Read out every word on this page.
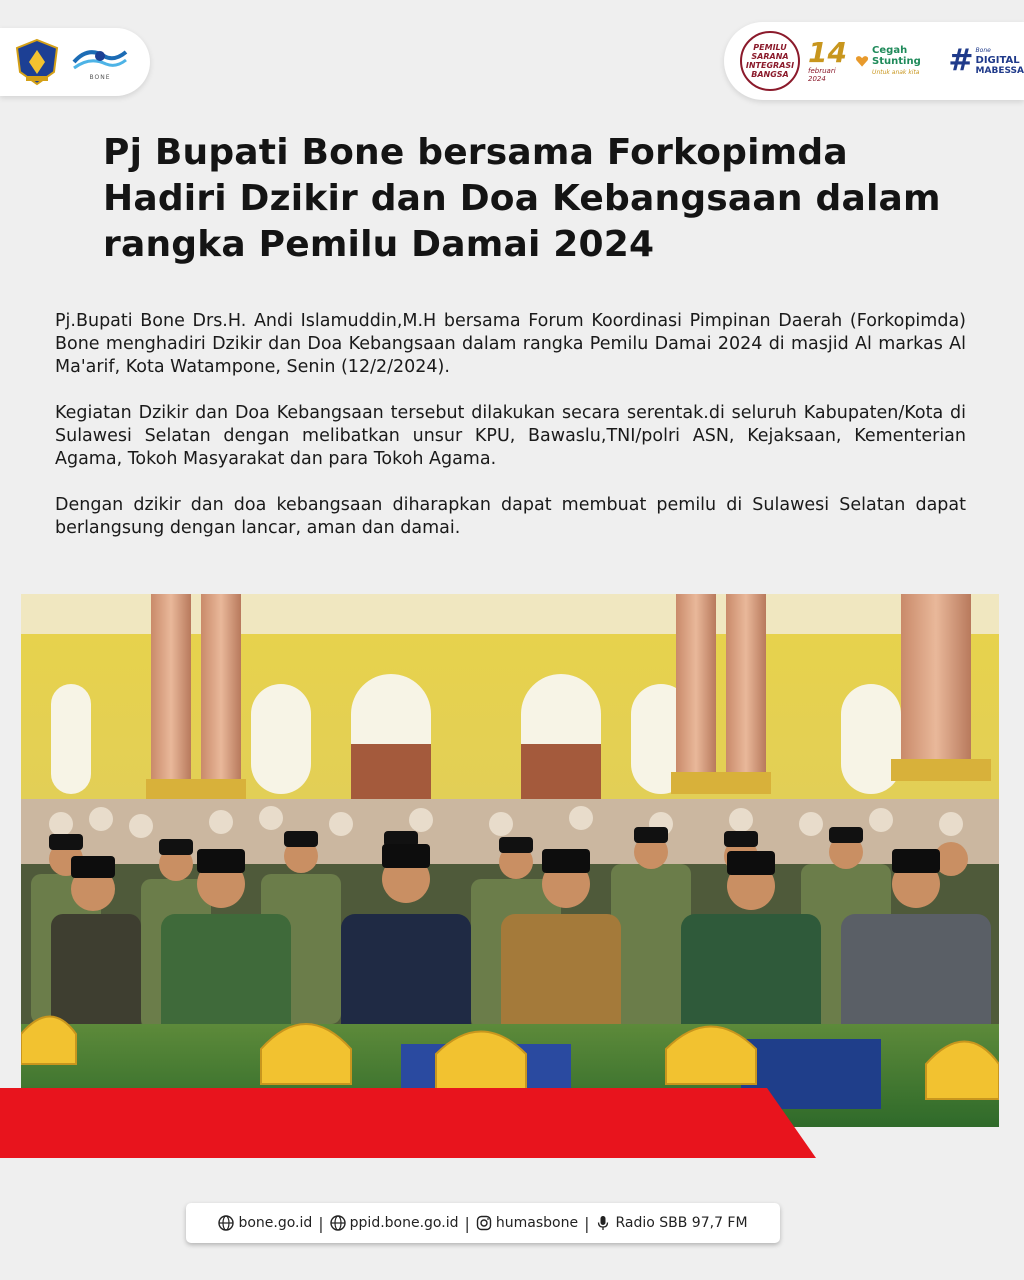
BONE
PEMILU SARANA INTEGRASI BANGSA
14
februari 2024
Cegah Stunting
Untuk anak kita # Bone
DIGITAL
MABESSA
Pj Bupati Bone bersama Forkopimda Hadiri Dzikir dan Doa Kebangsaan dalam rangka Pemilu Damai 2024

Pj.Bupati Bone Drs.H. Andi Islamuddin,M.H bersama Forum Koordinasi Pimpinan Daerah (Forkopimda) Bone menghadiri Dzikir dan Doa Kebangsaan dalam rangka Pemilu Damai 2024 di masjid Al markas Al Ma'arif, Kota Watampone, Senin (12/2/2024).

Kegiatan Dzikir dan Doa Kebangsaan tersebut dilakukan secara serentak.di seluruh Kabupaten/Kota di Sulawesi Selatan dengan melibatkan unsur KPU, Bawaslu,TNI/polri ASN, Kejaksaan, Kementerian Agama, Tokoh Masyarakat dan para Tokoh Agama.

Dengan dzikir dan doa kebangsaan diharapkan dapat membuat pemilu di Sulawesi Selatan dapat berlangsung dengan lancar, aman dan damai.

bone.go.id | ppid.bone.go.id | humasbone | Radio SBB 97,7 FM
